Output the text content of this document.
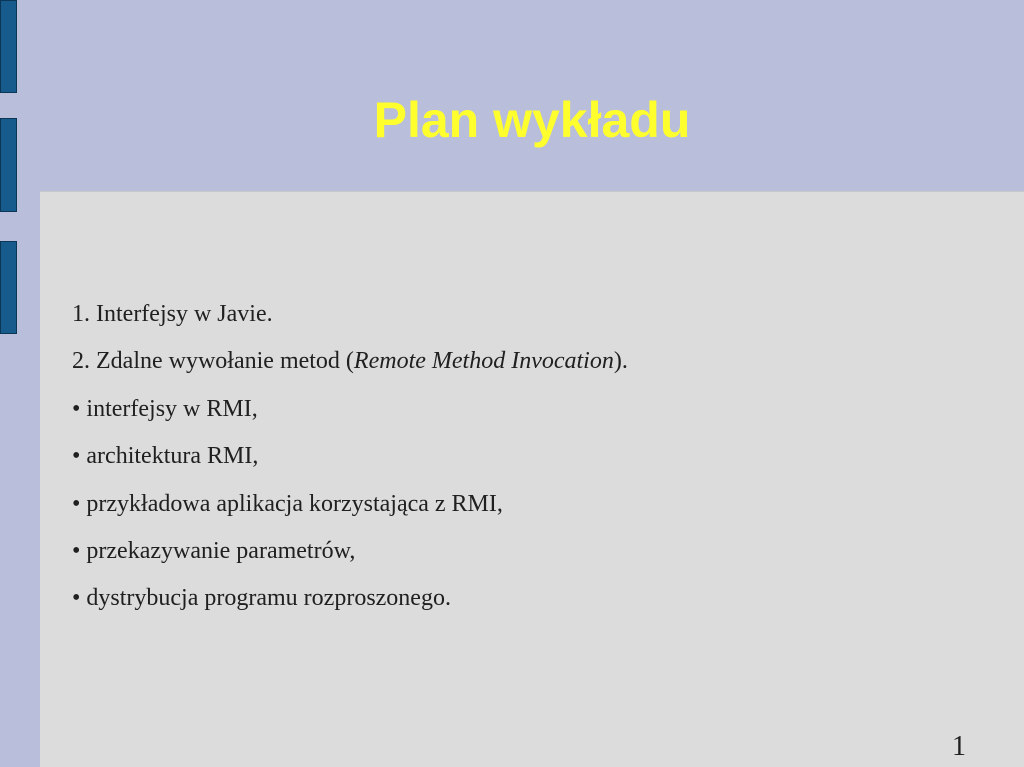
Plan wykładu
1. Interfejsy w Javie.
2. Zdalne wywołanie metod (Remote Method Invocation).
• interfejsy w RMI,
• architektura RMI,
• przykładowa aplikacja korzystająca z RMI,
• przekazywanie parametrów,
• dystrybucja programu rozproszonego.
1
